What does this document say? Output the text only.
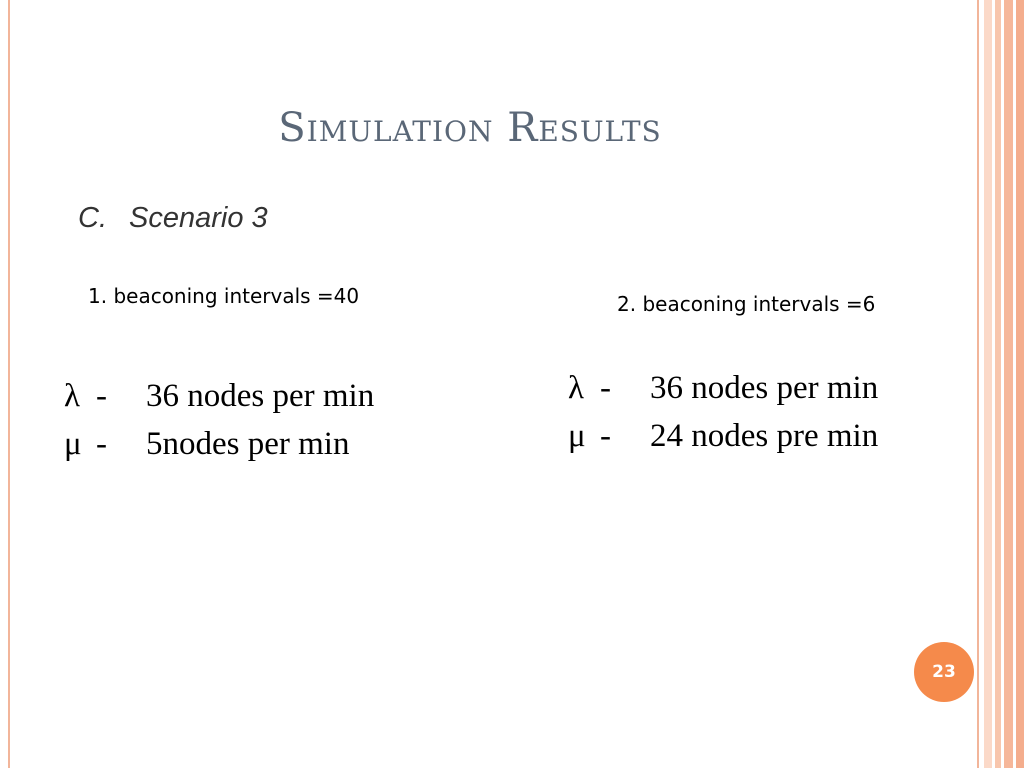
Simulation Results
C. Scenario 3
1. beaconing intervals =40	2. beaconing intervals =6
λ - 36 nodes per min
μ - 5nodes per min
λ - 36 nodes per min
μ - 24 nodes pre min
23
